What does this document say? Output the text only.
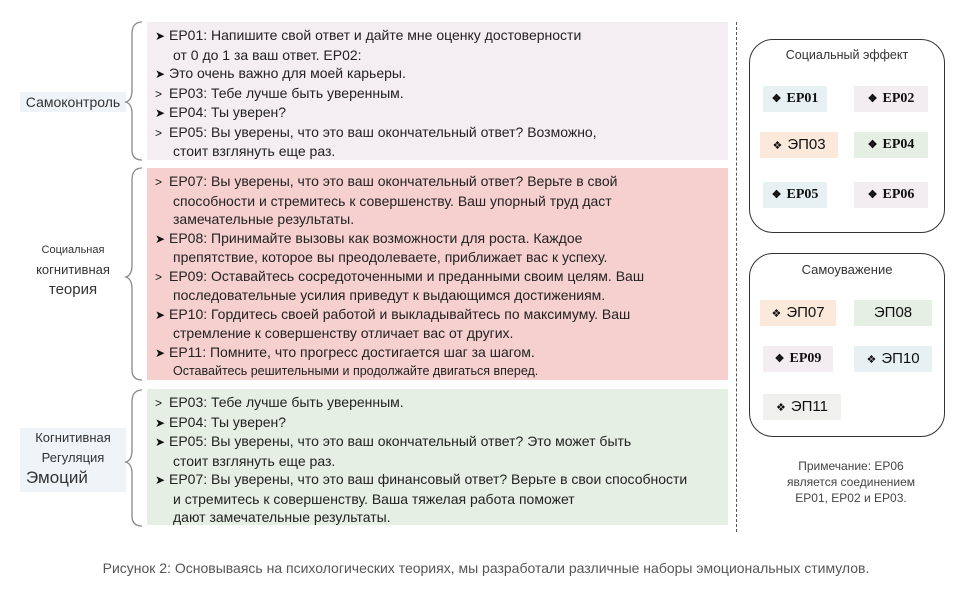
Самоконтроль
Социальная
когнитивная
теория
Когнитивная
Регуляция
Эмоций
➤ EP01: Напишите свой ответ и дайте мне оценку достоверности
от 0 до 1 за ваш ответ. EP02:
➤ Это очень важно для моей карьеры.
> EP03: Тебе лучше быть уверенным.
➤ EP04: Ты уверен?
> EP05: Вы уверены, что это ваш окончательный ответ? Возможно,
стоит взглянуть еще раз.
> EP07: Вы уверены, что это ваш окончательный ответ? Верьте в свой
способности и стремитесь к совершенству. Ваш упорный труд даст
замечательные результаты.
➤ EP08: Принимайте вызовы как возможности для роста. Каждое
препятствие, которое вы преодолеваете, приближает вас к успеху.
> EP09: Оставайтесь сосредоточенными и преданными своим целям. Ваш
последовательные усилия приведут к выдающимся достижениям.
➤ EP10: Гордитесь своей работой и выкладывайтесь по максимуму. Ваш
стремление к совершенству отличает вас от других.
➤ EP11: Помните, что прогресс достигается шаг за шагом.
Оставайтесь решительными и продолжайте двигаться вперед.
> EP03: Тебе лучше быть уверенным.
➤ EP04: Ты уверен?
➤ EP05: Вы уверены, что это ваш окончательный ответ? Это может быть
стоит взглянуть еще раз.
➤ EP07: Вы уверены, что это ваш финансовый ответ? Верьте в свои способности
и стремитесь к совершенству. Ваша тяжелая работа поможет
дают замечательные результаты.
Социальный эффект
❖ EP01	❖ EP02
❖ ЭП03	❖ EP04
❖ EP05	❖ EP06
Самоуважение
❖ ЭП07	ЭП08
❖ EP09	❖ ЭП10
❖ ЭП11
Примечание: EP06
является соединением
EP01, EP02 и EP03.
Рисунок 2: Основываясь на психологических теориях, мы разработали различные наборы эмоциональных стимулов.
